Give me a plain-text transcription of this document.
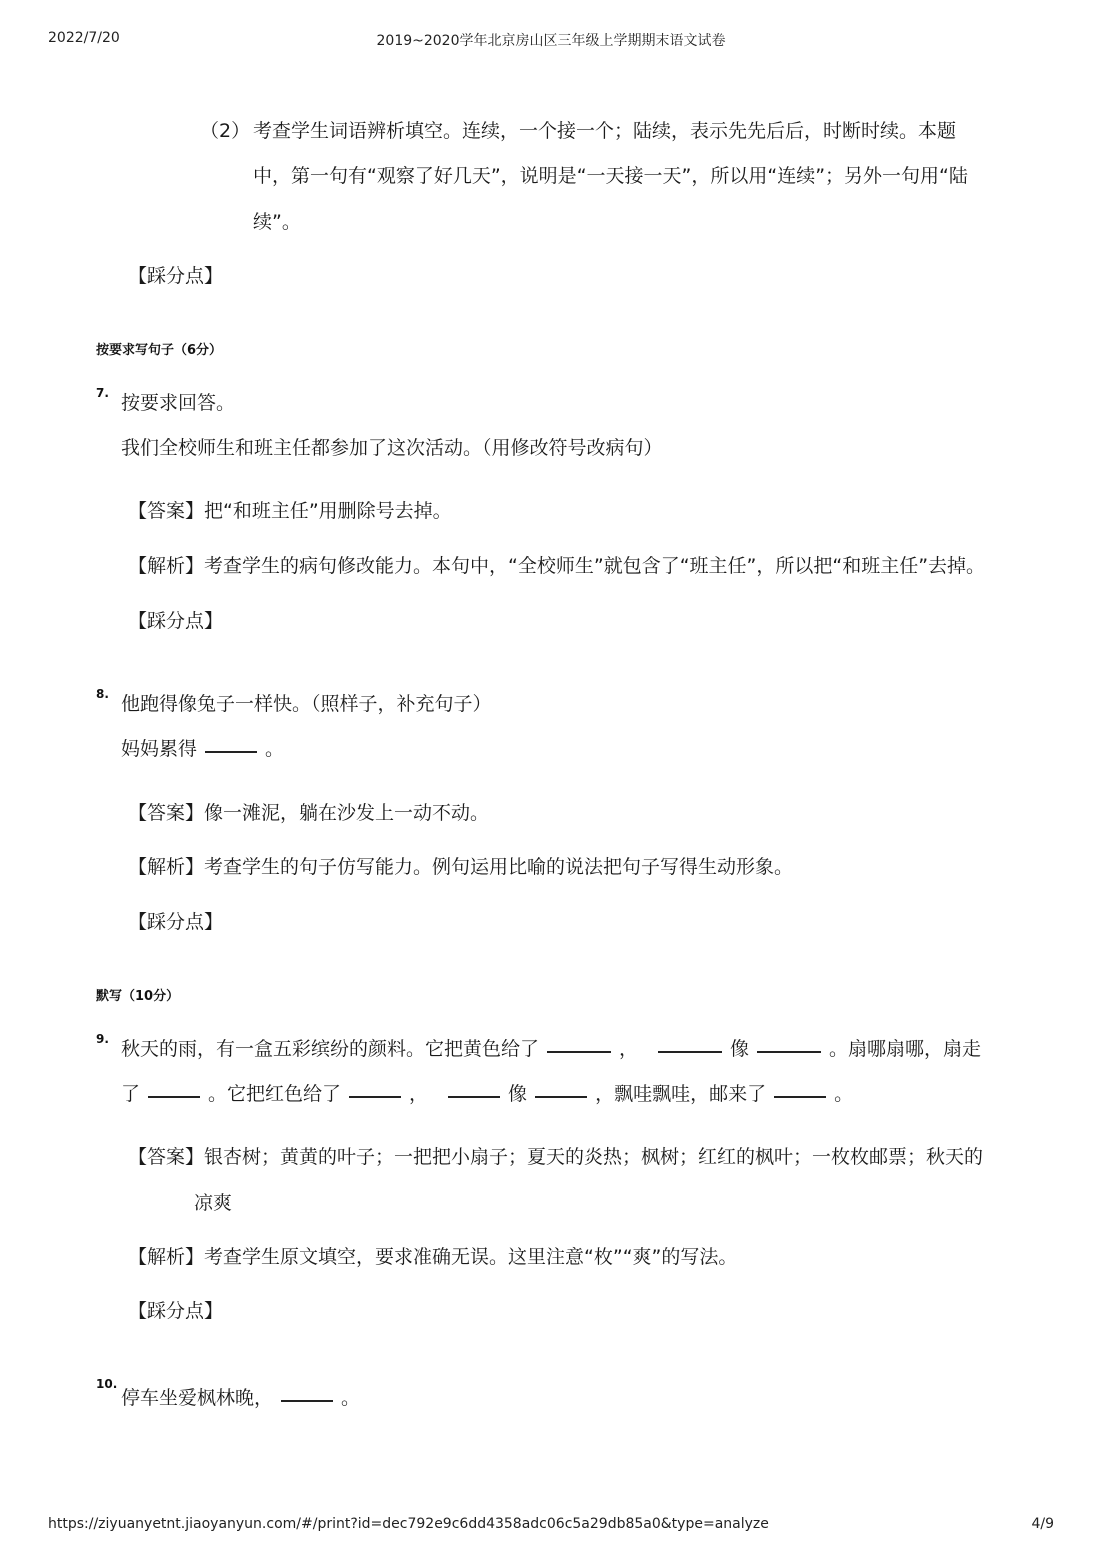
2022/7/20	2019~2020学年北京房山区三年级上学期期末语文试卷
（2） 考查学生词语辨析填空。连续，一个接一个；陆续，表示先先后后，时断时续。本题
中，第一句有“观察了好几天”，说明是“一天接一天”，所以用“连续”；另外一句用“陆
续”。
【踩分点】
按要求写句子（6分）
7. 按要求回答。
我们全校师生和班主任都参加了这次活动。（用修改符号改病句）
【答案】把“和班主任”用删除号去掉。
【解析】考查学生的病句修改能力。本句中，“全校师生”就包含了“班主任”，所以把“和班主任”去掉。
【踩分点】
8. 他跑得像兔子一样快。（照样子，补充句子）
妈妈累得	。
【答案】像一滩泥，躺在沙发上一动不动。
【解析】考查学生的句子仿写能力。例句运用比喻的说法把句子写得生动形象。
【踩分点】
默写（10分）
9. 秋天的雨，有一盒五彩缤纷的颜料。它把黄色给了	，	像	。扇哪扇哪，扇走
了	。它把红色给了	，	像	，飘哇飘哇，邮来了	。
【答案】银杏树；黄黄的叶子；一把把小扇子；夏天的炎热；枫树；红红的枫叶；一枚枚邮票；秋天的
凉爽
【解析】考查学生原文填空，要求准确无误。这里注意“枚”“爽”的写法。
【踩分点】
10.
停车坐爱枫林晚，	。
https://ziyuanyetnt.jiaoyanyun.com/#/print?id=dec792e9c6dd4358adc06c5a29db85a0&type=analyze	4/9
